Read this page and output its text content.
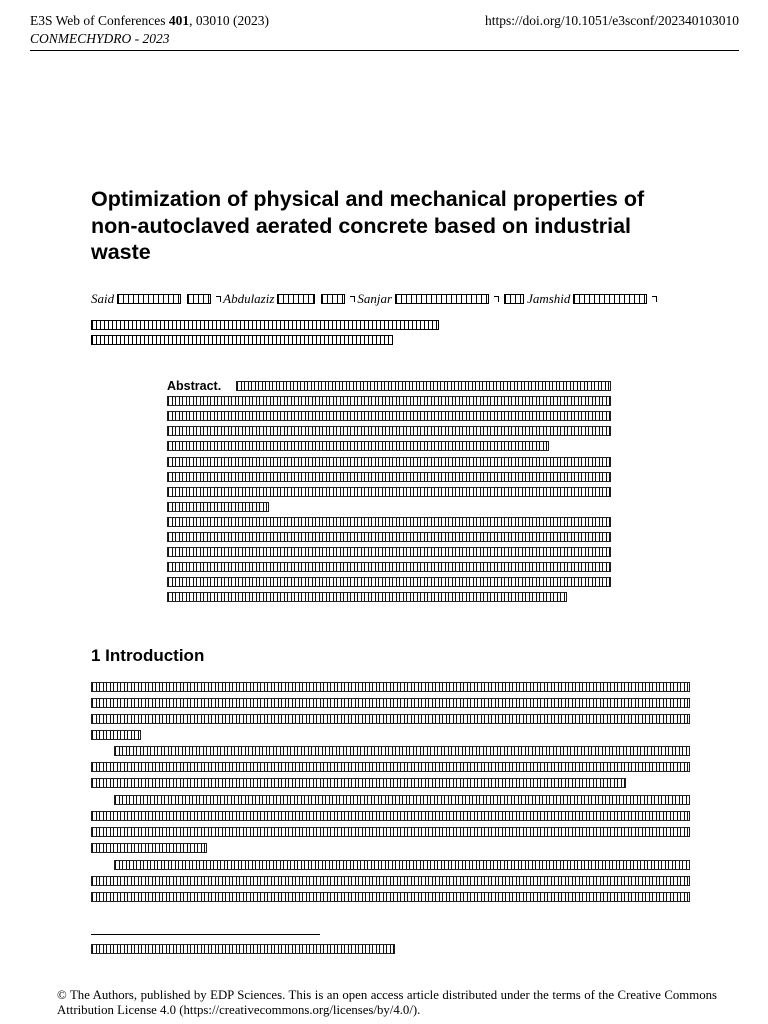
E3S Web of Conferences 401, 03010 (2023)
CONMECHYDRO - 2023
https://doi.org/10.1051/e3sconf/202340103010
Optimization of physical and mechanical properties of non-autoclaved aerated concrete based on industrial waste
Said	Abdulaziz	Sanjar	Jamshid
Abstract.
1 Introduction
© The Authors, published by EDP Sciences. This is an open access article distributed under the terms of the Creative Commons Attribution License 4.0 (https://creativecommons.org/licenses/by/4.0/).
